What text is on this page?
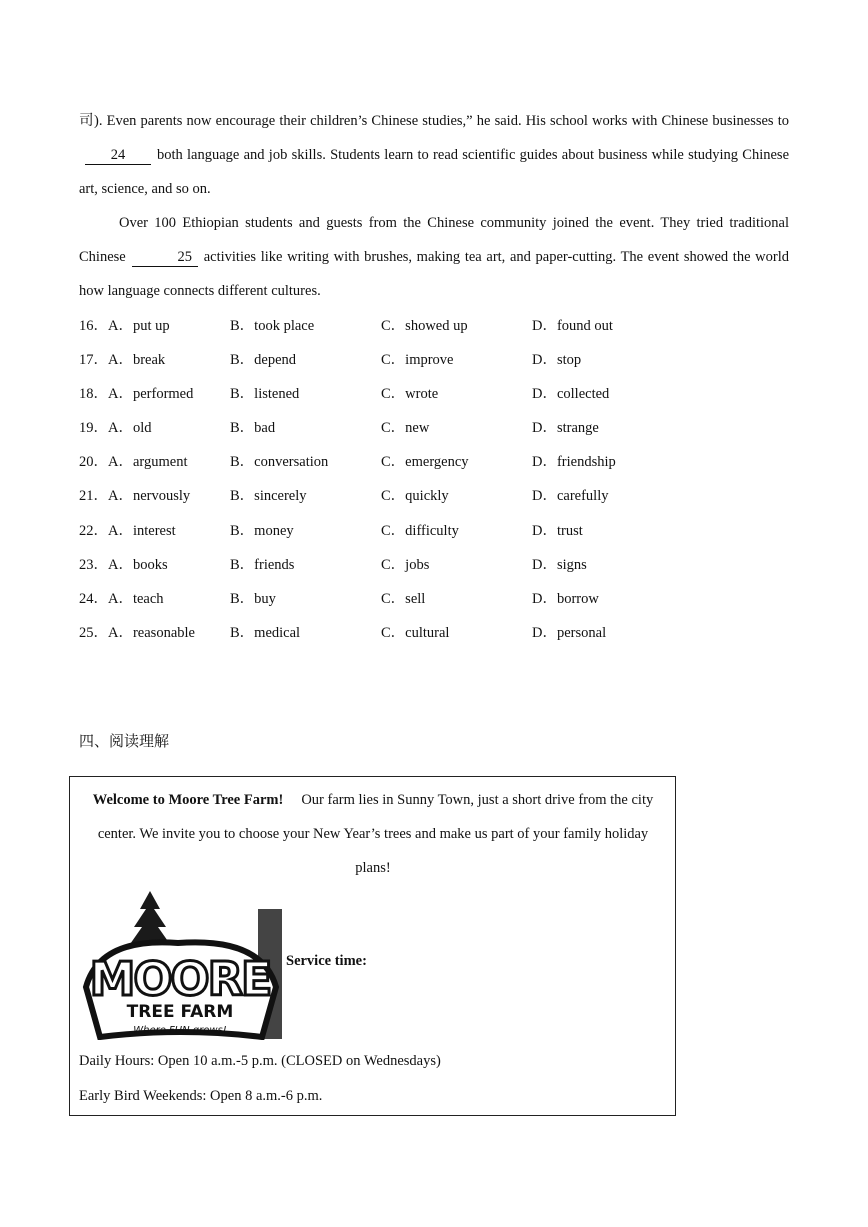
司). Even parents now encourage their children’s Chinese studies,” he said. His school works with Chinese businesses to24 both language and job skills. Students learn to read scientific guides about business while studying Chinese art, science, and so on.

Over 100 Ethiopian students and guests from the Chinese community joined the event. They tried traditional Chinese	25 activities like writing with brushes, making tea art, and paper-cutting. The event showed the world how language connects different cultures.

16．A．put up	B．took place	C．showed up	D．found out
17．A．break	B．depend	C．improve	D．stop
18．A．performed	B．listened	C．wrote	D．collected
19．A．old	B．bad	C．new	D．strange
20．A．argument	B．conversation	C．emergency	D．friendship
21．A．nervously	B．sincerely	C．quickly	D．carefully
22．A．interest	B．money	C．difficulty	D．trust
23．A．books	B．friends	C．jobs	D．signs
24．A．teach	B．buy	C．sell	D．borrow
25．A．reasonable B．medical	C．cultural	D．personal
四、阅读理解

Welcome to Moore Tree Farm! Our farm lies in Sunny Town, just a short drive from the city center. We invite you to choose your New Year’s trees and make us part of your family holiday plans!

MOORE
TREE FARM
Where FUN grows!
Service time:

Daily Hours: Open 10 a.m.-5 p.m. (CLOSED on Wednesdays)

Early Bird Weekends: Open 8 a.m.-6 p.m.
